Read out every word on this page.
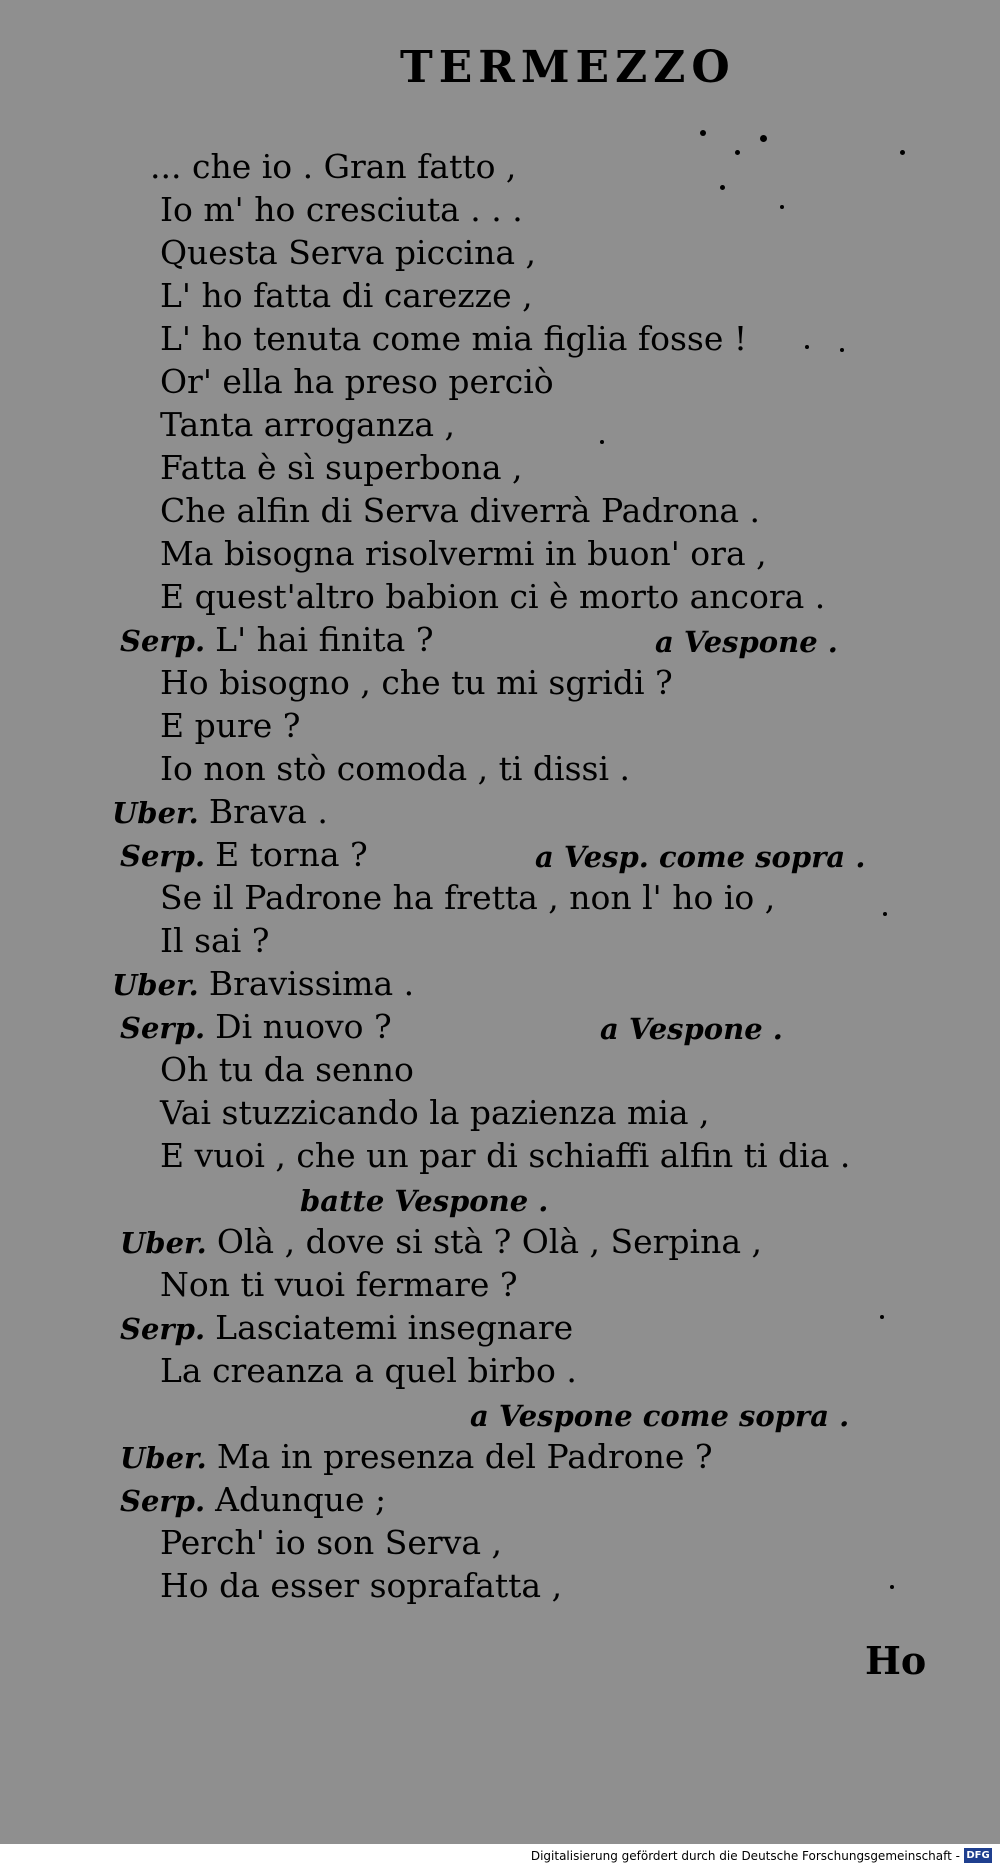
TERMEZZO
... che io . Gran fatto ,
Io m' ho cresciuta . . .
Questa Serva piccina ,
L' ho fatta di carezze ,
L' ho tenuta come mia figlia fosse !
Or' ella ha preso perciò
Tanta arroganza ,
Fatta è sì superbona ,
Che alfin di Serva diverrà Padrona .
Ma bisogna risolvermi in buon' ora ,
E quest'altro babion ci è morto ancora .
Serp. L' hai finita ?	a Vespone .
Ho bisogno , che tu mi sgridi ?
E pure ?
Io non stò comoda , ti dissi .
Uber. Brava .
Serp. E torna ?	a Vesp. come sopra .
Se il Padrone ha fretta , non l' ho io ,
Il sai ?
Uber. Bravissima .
Serp. Di nuovo ?	a Vespone .
Oh tu da senno
Vai stuzzicando la pazienza mia ,
E vuoi , che un par di schiaffi alfin ti dia .
batte Vespone .
Uber. Olà , dove si stà ? Olà , Serpina ,
Non ti vuoi fermare ?
Serp. Lasciatemi insegnare
La creanza a quel birbo .
a Vespone come sopra .
Uber. Ma in presenza del Padrone ?
Serp. Adunque ;
Perch' io son Serva ,
Ho da esser soprafatta ,
Ho
Digitalisierung gefördert durch die Deutsche Forschungsgemeinschaft - DFG
